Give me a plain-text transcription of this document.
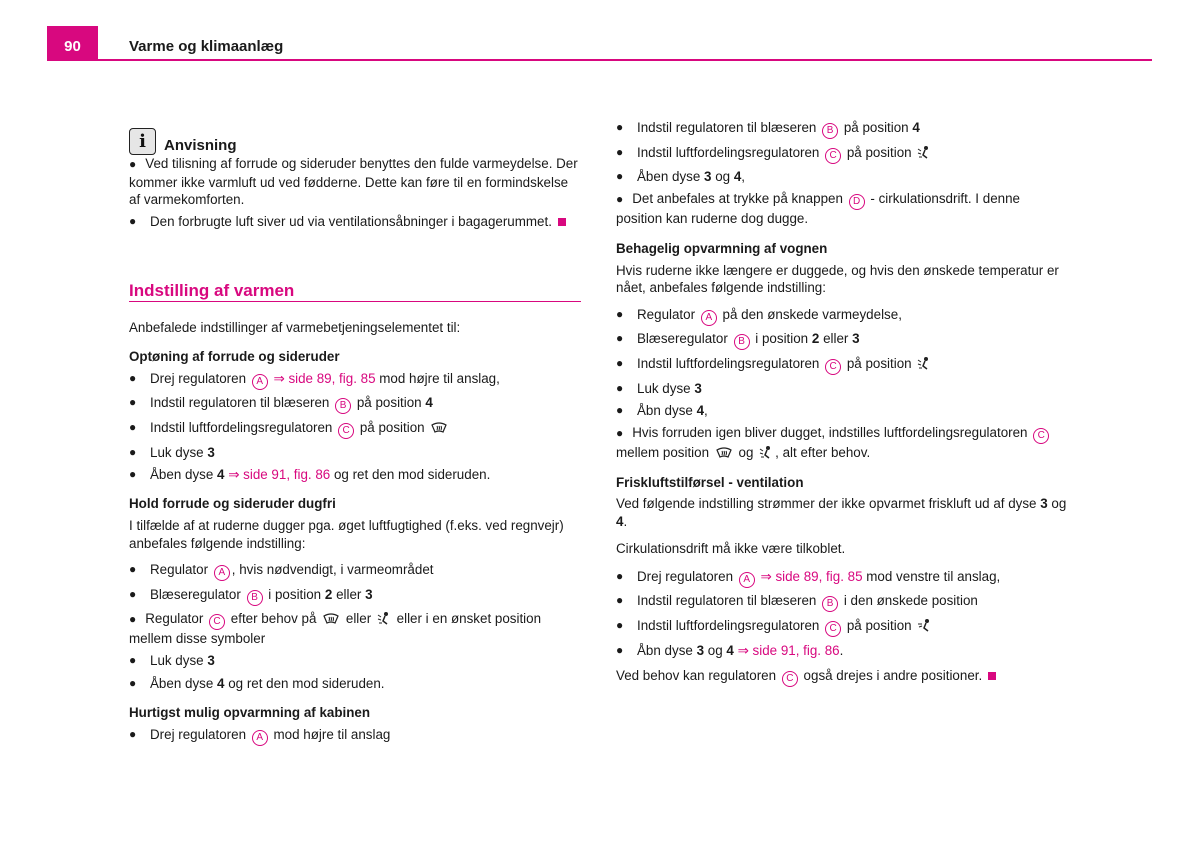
90	Varme og klimaanlæg
i Anvisning
● Ved tilisning af forrude og sideruder benyttes den fulde varmeydelse. Der kommer ikke varmluft ud ved fødderne. Dette kan føre til en formindskelse af varmekomforten.
● Den forbrugte luft siver ud via ventilationsåbninger i bagagerummet.
Indstilling af varmen
Anbefalede indstillinger af varmebetjeningselementet til:
Optøning af forrude og sideruder
● Drej regulatoren A ⇒ side 89, fig. 85 mod højre til anslag,
● Indstil regulatoren til blæseren B på position 4
● Indstil luftfordelingsregulatoren C på position
● Luk dyse 3
● Åben dyse 4 ⇒ side 91, fig. 86 og ret den mod sideruden.
Hold forrude og sideruder dugfri
I tilfælde af at ruderne dugger pga. øget luftfugtighed (f.eks. ved regnvejr) anbefales følgende indstilling:
● Regulator A , hvis nødvendigt, i varmeområdet
● Blæseregulator B i position 2 eller 3
● Regulator C efter behov på eller eller i en ønsket position mellem disse symboler
● Luk dyse 3
● Åben dyse 4 og ret den mod sideruden.
Hurtigst mulig opvarmning af kabinen
● Drej regulatoren A mod højre til anslag
● Indstil regulatoren til blæseren B på position 4
● Indstil luftfordelingsregulatoren C på position
● Åben dyse 3 og 4,
● Det anbefales at trykke på knappen D - cirkulationsdrift. I denne position kan ruderne dog dugge.
Behagelig opvarmning af vognen
Hvis ruderne ikke længere er duggede, og hvis den ønskede temperatur er nået, anbefales følgende indstilling:
● Regulator A på den ønskede varmeydelse,
● Blæseregulator B i position 2 eller 3
● Indstil luftfordelingsregulatoren C på position
● Luk dyse 3
● Åbn dyse 4,
● Hvis forruden igen bliver dugget, indstilles luftfordelingsregulatoren C mellem position og , alt efter behov.
Friskluftstilførsel - ventilation
Ved følgende indstilling strømmer der ikke opvarmet friskluft ud af dyse 3 og 4.
Cirkulationsdrift må ikke være tilkoblet.
● Drej regulatoren A ⇒ side 89, fig. 85 mod venstre til anslag,
● Indstil regulatoren til blæseren B i den ønskede position
● Indstil luftfordelingsregulatoren C på position
● Åbn dyse 3 og 4 ⇒ side 91, fig. 86.
Ved behov kan regulatoren C også drejes i andre positioner.
